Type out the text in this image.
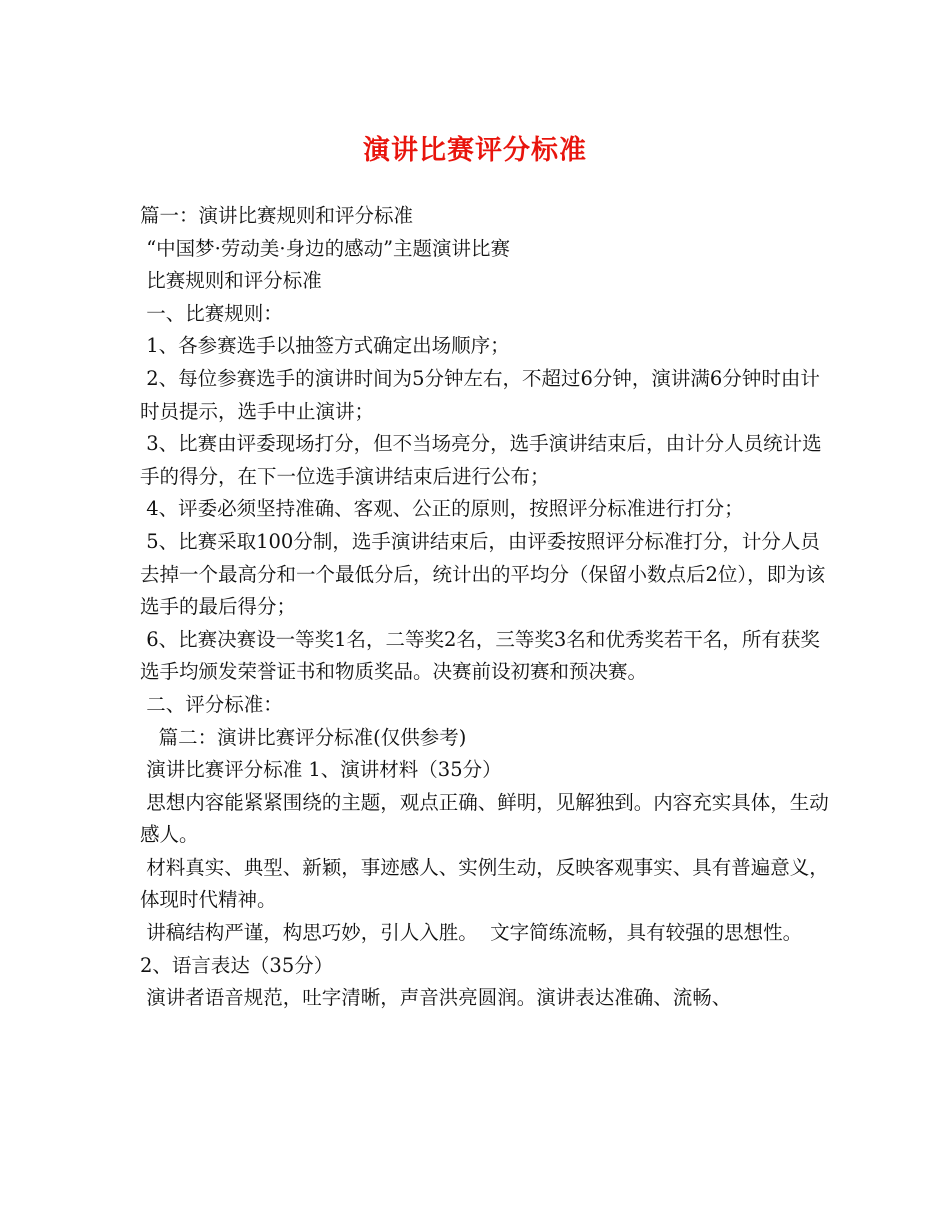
演讲比赛评分标准

篇一：演讲比赛规则和评分标准

“中国梦·劳动美·身边的感动”主题演讲比赛

比赛规则和评分标准

一、比赛规则：

1、各参赛选手以抽签方式确定出场顺序；

2、每位参赛选手的演讲时间为5分钟左右，不超过6分钟，演讲满6分钟时由计时员提示，选手中止演讲；

3、比赛由评委现场打分，但不当场亮分，选手演讲结束后，由计分人员统计选手的得分，在下一位选手演讲结束后进行公布；

4、评委必须坚持准确、客观、公正的原则，按照评分标准进行打分；

5、比赛采取100分制，选手演讲结束后，由评委按照评分标准打分，计分人员去掉一个最高分和一个最低分后，统计出的平均分（保留小数点后2位），即为该选手的最后得分；

6、比赛决赛设一等奖1名，二等奖2名，三等奖3名和优秀奖若干名，所有获奖选手均颁发荣誉证书和物质奖品。决赛前设初赛和预决赛。

二、评分标准：

篇二：演讲比赛评分标准(仅供参考)

演讲比赛评分标准 1、演讲材料（35分）

思想内容能紧紧围绕的主题，观点正确、鲜明，见解独到。内容充实具体，生动感人。

材料真实、典型、新颖，事迹感人、实例生动，反映客观事实、具有普遍意义，体现时代精神。

讲稿结构严谨，构思巧妙，引人入胜。  文字简练流畅，具有较强的思想性。 2、语言表达（35分）

演讲者语音规范，吐字清晰，声音洪亮圆润。演讲表达准确、流畅、
